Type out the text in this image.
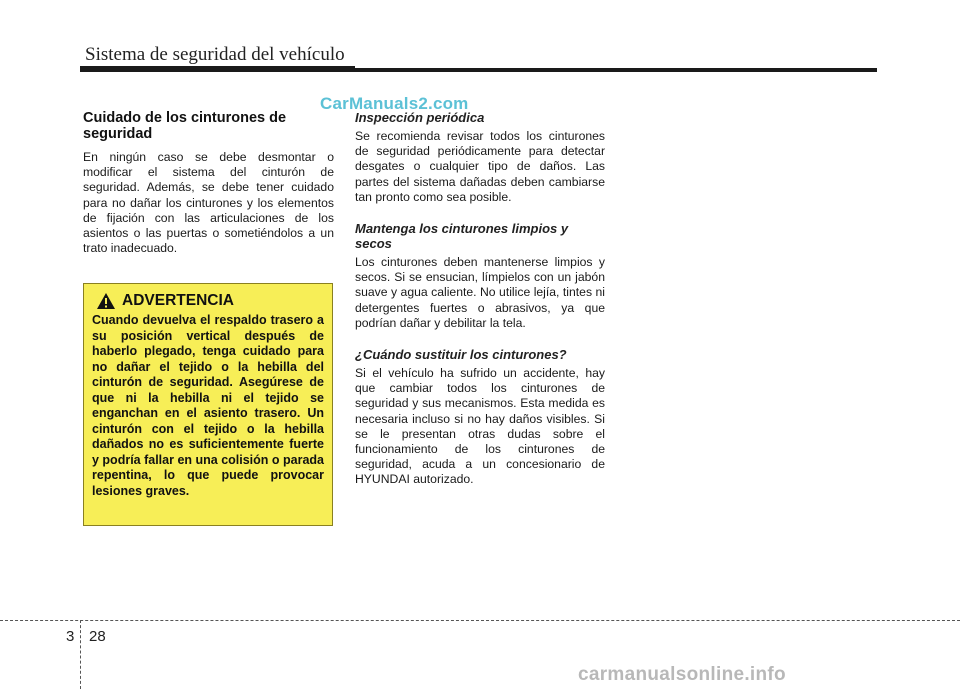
Sistema de seguridad del vehículo
CarManuals2.com
Cuidado de los cinturones de seguridad

En ningún caso se debe desmontar o modificar el sistema del cinturón de seguridad. Además, se debe tener cuidado para no dañar los cinturones y los elementos de fijación con las articulaciones de los asientos o las puertas o sometiéndolos a un trato inadecuado.

ADVERTENCIA

Cuando devuelva el respaldo trasero a su posición vertical después de haberlo plegado, tenga cuidado para no dañar el tejido o la hebilla del cinturón de seguridad. Asegúrese de que ni la hebilla ni el tejido se enganchan en el asiento trasero. Un cinturón con el tejido o la hebilla dañados no es suficientemente fuerte y podría fallar en una colisión o parada repentina, lo que puede provocar lesiones graves.

Inspección periódica

Se recomienda revisar todos los cinturones de seguridad periódicamente para detectar desgates o cualquier tipo de daños. Las partes del sistema dañadas deben cambiarse tan pronto como sea posible.

Mantenga los cinturones limpios y secos

Los cinturones deben mantenerse limpios y secos. Si se ensucian, límpielos con un jabón suave y agua caliente. No utilice lejía, tintes ni detergentes fuertes o abrasivos, ya que podrían dañar y debilitar la tela.

¿Cuándo sustituir los cinturones?

Si el vehículo ha sufrido un accidente, hay que cambiar todos los cinturones de seguridad y sus mecanismos. Esta medida es necesaria incluso si no hay daños visibles. Si se le presentan otras dudas sobre el funcionamiento de los cinturones de seguridad, acuda a un concesionario de HYUNDAI autorizado.

3 28
carmanualsonline.info
